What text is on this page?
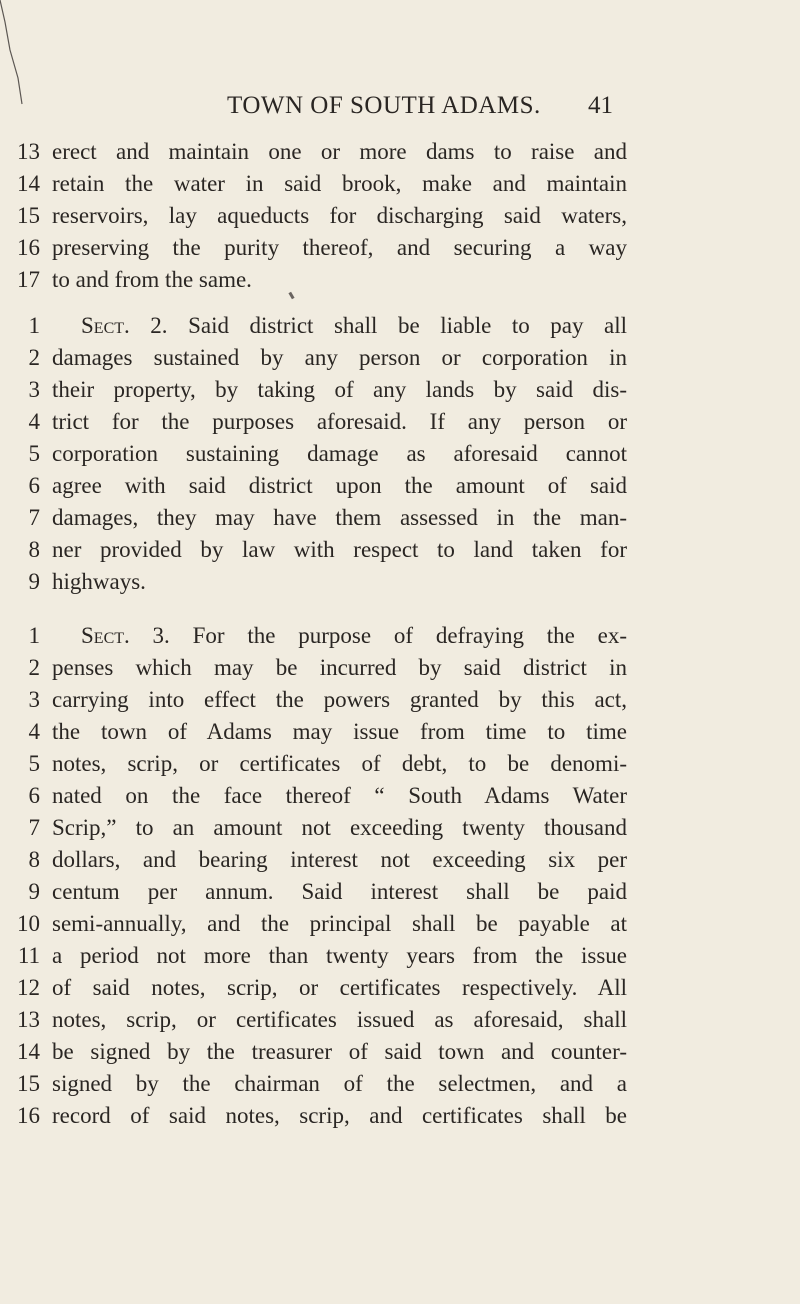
TOWN OF SOUTH ADAMS. 41
13 erect and maintain one or more dams to raise and
14 retain the water in said brook, make and maintain
15 reservoirs, lay aqueducts for discharging said waters,
16 preserving the purity thereof, and securing a way
17 to and from the same.
1 Sect. 2. Said district shall be liable to pay all
2 damages sustained by any person or corporation in
3 their property, by taking of any lands by said dis-
4 trict for the purposes aforesaid. If any person or
5 corporation sustaining damage as aforesaid cannot
6 agree with said district upon the amount of said
7 damages, they may have them assessed in the man-
8 ner provided by law with respect to land taken for
9 highways.
1 Sect. 3. For the purpose of defraying the ex-
2 penses which may be incurred by said district in
3 carrying into effect the powers granted by this act,
4 the town of Adams may issue from time to time
5 notes, scrip, or certificates of debt, to be denomi-
6 nated on the face thereof “ South Adams Water
7 Scrip,” to an amount not exceeding twenty thousand
8 dollars, and bearing interest not exceeding six per
9 centum per annum. Said interest shall be paid
10 semi-annually, and the principal shall be payable at
11 a period not more than twenty years from the issue
12 of said notes, scrip, or certificates respectively. All
13 notes, scrip, or certificates issued as aforesaid, shall
14 be signed by the treasurer of said town and counter-
15 signed by the chairman of the selectmen, and a
16 record of said notes, scrip, and certificates shall be
